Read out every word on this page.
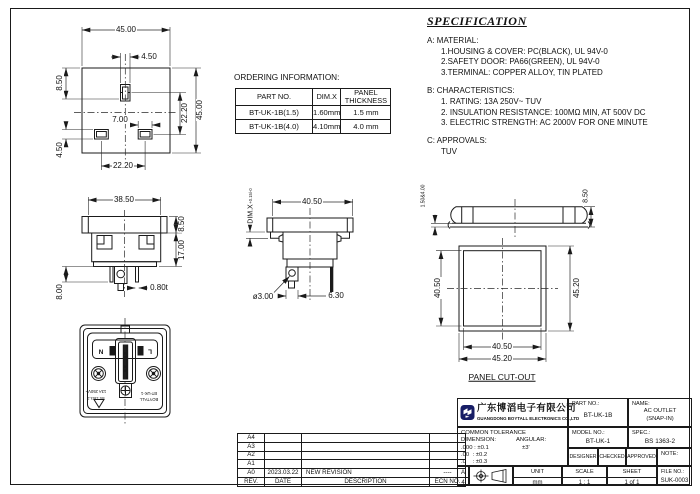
45.00
4.50
8.50
22.20 45.00
7.00
4.50
22.20
38.50
8.50
17.00
8.00	0.80t
40.50
DIM.X
+0.15/-0
ø3.00	6.30
1.50&4.00	8.50
40.50	45.20
40.50
45.20
PANEL CUT-OUT
N	L
13A 250V~
BS 1363-2
BT-UK-1
BOYTALL
SPECIFICATION
A: MATERIAL:
1.HOUSING & COVER: PC(BLACK), UL 94V-0
2.SAFETY DOOR: PA66(GREEN), UL 94V-0
3.TERMINAL: COPPER ALLOY, TIN PLATED
B: CHARACTERISTICS:
1. RATING: 13A 250V~ TUV
2. INSULATION RESISTANCE: 100MΩ MIN, AT 500V DC
3. ELECTRIC STRENGTH: AC 2000V FOR ONE MINUTE
C: APPROVALS:
TUV
ORDERING INFORMATION:
PART NO.	DIM.X	PANEL
THICKNESS

BT-UK-1B(1.5)	1.60mm	1.5 mm
BT-UK-1B(4.0)	4.10mm	4.0 mm
A4			
A3			
A2			
A1			
A0	2023.03.22	NEW REVISION	----
REV.	DATE	DESCRIPTION	ECN NO.
广东博滔电子有限公司
GUANGDONG BOYTALL ELECTRONICS CO.,LTD
PART NO.:
BT-UK-1B
NAME:
AC OUTLET
(SNAP-IN)
COMMON TOLERANCE
DIMENSION:	ANGULAR:
.000 : ±0.1	±3'
.00  : ±0.2
.0    : ±0.3
MODEL NO.:
BT-UK-1
SPEC.:
BS 1363-2
DESIGNER CHECKED APPROVED
NOTE:
A
4
UNIT
mm
SCALE
1 : 1
SHEET
1 of 1
FILE NO.:
SUK-0003
